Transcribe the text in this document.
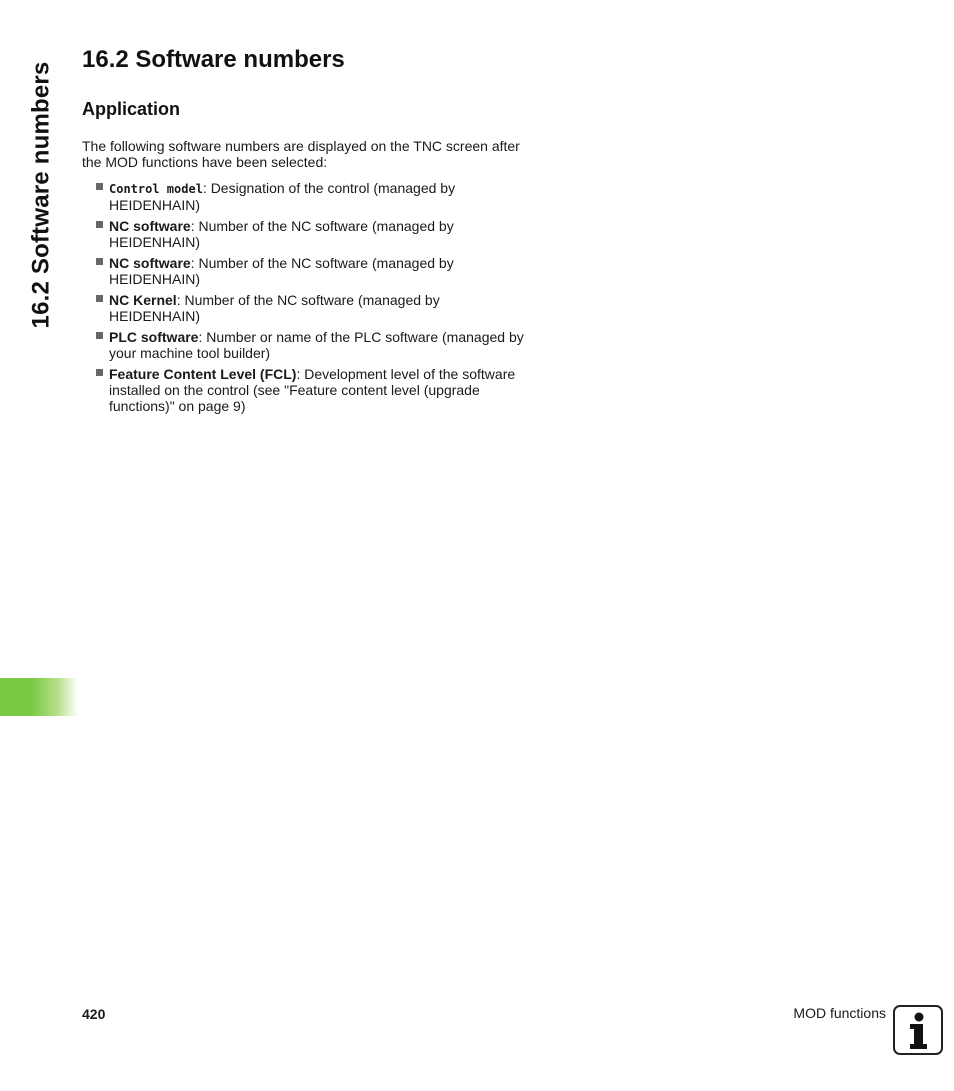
16.2 Software numbers
16.2 Software numbers
Application

The following software numbers are displayed on the TNC screen after the MOD functions have been selected:

Control model: Designation of the control (managed by HEIDENHAIN)
NC software: Number of the NC software (managed by HEIDENHAIN)
NC software: Number of the NC software (managed by HEIDENHAIN)
NC Kernel: Number of the NC software (managed by HEIDENHAIN)
PLC software: Number or name of the PLC software (managed by your machine tool builder)
Feature Content Level (FCL): Development level of the software installed on the control (see "Feature content level (upgrade functions)" on page 9)
420	MOD functions
